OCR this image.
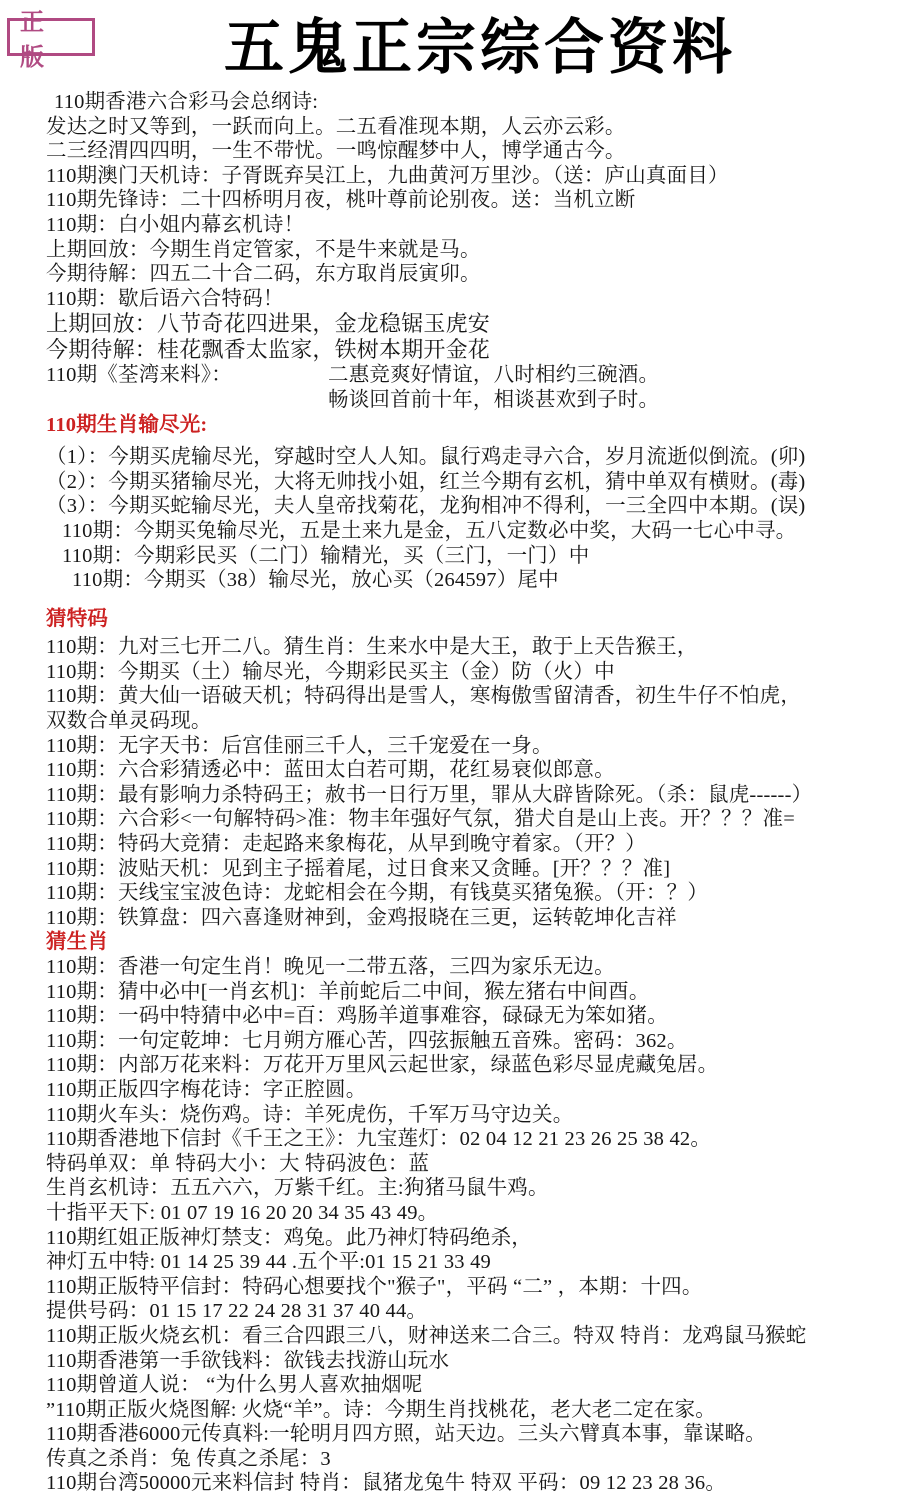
正 版	五鬼正宗综合资料
110期香港六合彩马会总纲诗:
发达之时又等到，一跃而向上。二五看准现本期，人云亦云彩。
二三经渭四四明，一生不带忧。一鸣惊醒梦中人，博学通古今。
110期澳门天机诗：子胥既弃吴江上，九曲黄河万里沙。（送：庐山真面目）
110期先锋诗：二十四桥明月夜，桃叶尊前论别夜。送：当机立断
110期：白小姐内幕玄机诗！
上期回放：今期生肖定管家，不是牛来就是马。
今期待解：四五二十合二码，东方取肖辰寅卯。
110期：歇后语六合特码！
上期回放：八节奇花四进果，金龙稳锯玉虎安
今期待解：桂花飘香太监家，铁树本期开金花
110期《荃湾来料》：	二惠竞爽好情谊，八时相约三碗酒。
畅谈回首前十年，相谈甚欢到子时。
110期生肖输尽光:
（1）：今期买虎输尽光，穿越时空人人知。鼠行鸡走寻六合，岁月流逝似倒流。(卯)
（2）：今期买猪输尽光，大将无帅找小姐，红兰今期有玄机，猜中单双有横财。(毒)
（3）：今期买蛇输尽光，夫人皇帝找菊花，龙狗相冲不得利，一三全四中本期。(误)
110期：今期买兔输尽光，五是土来九是金，五八定数必中奖，大码一七心中寻。
110期：今期彩民买（二门）输精光，买（三门，一门）中
110期：今期买（38）输尽光，放心买（264597）尾中
猜特码
110期：九对三七开二八。猜生肖：生来水中是大王，敢于上天告猴王，
110期：今期买（土）输尽光，今期彩民买主（金）防（火）中
110期：黄大仙一语破天机；特码得出是雪人，寒梅傲雪留清香，初生牛仔不怕虎，
双数合单灵码现。
110期：无字天书：后宫佳丽三千人，三千宠爱在一身。
110期：六合彩猜透必中：蓝田太白若可期，花红易衰似郎意。
110期：最有影响力杀特码王；赦书一日行万里，罪从大辟皆除死。（杀：鼠虎------）
110期：六合彩<一句解特码>准：物丰年强好气氛，猎犬自是山上丧。开？？？准=
110期：特码大竞猜：走起路来象梅花，从早到晚守着家。（开？）
110期：波贴天机：见到主子摇着尾，过日食来又贪睡。[开？？？准]
110期：天线宝宝波色诗：龙蛇相会在今期，有钱莫买猪兔猴。（开：？）
110期：铁算盘：四六喜逢财神到，金鸡报晓在三更，运转乾坤化吉祥
猜生肖
110期：香港一句定生肖！晚见一二带五落，三四为家乐无边。
110期：猜中必中[一肖玄机]：羊前蛇后二中间，猴左猪右中间酉。
110期：一码中特猜中必中=百：鸡肠羊道事难容，碌碌无为笨如猪。
110期：一句定乾坤：七月朔方雁心苦，四弦振触五音殊。密码：362。
110期：内部万花来料：万花开万里风云起世家，绿蓝色彩尽显虎藏兔居。
110期正版四字梅花诗：字正腔圆。
110期火车头：烧伤鸡。诗：羊死虎伤，千军万马守边关。
110期香港地下信封《千王之王》：九宝莲灯：02 04 12 21 23 26 25 38 42。
特码单双：单 特码大小：大 特码波色：蓝
生肖玄机诗：五五六六，万紫千红。主:狗猪马鼠牛鸡。
十指平天下: 01 07 19 16 20 20 34 35 43 49。
110期红姐正版神灯禁支：鸡兔。此乃神灯特码绝杀，
神灯五中特: 01 14 25 39 44 .五个平:01 15 21 33 49
110期正版特平信封：特码心想要找个"猴子"，平码 “二” ，本期：十四。
提供号码：01 15 17 22 24 28 31 37 40 44。
110期正版火烧玄机：看三合四跟三八，财神送来二合三。特双 特肖：龙鸡鼠马猴蛇
110期香港第一手欲钱料：欲钱去找游山玩水
110期曾道人说： “为什么男人喜欢抽烟呢
”110期正版火烧图解: 火烧“羊”。诗：今期生肖找桃花，老大老二定在家。
110期香港6000元传真料:一轮明月四方照，站天边。三头六臂真本事，靠谋略。
传真之杀肖：兔 传真之杀尾：3
110期台湾50000元来料信封 特肖：鼠猪龙兔牛 特双 平码：09 12 23 28 36。
